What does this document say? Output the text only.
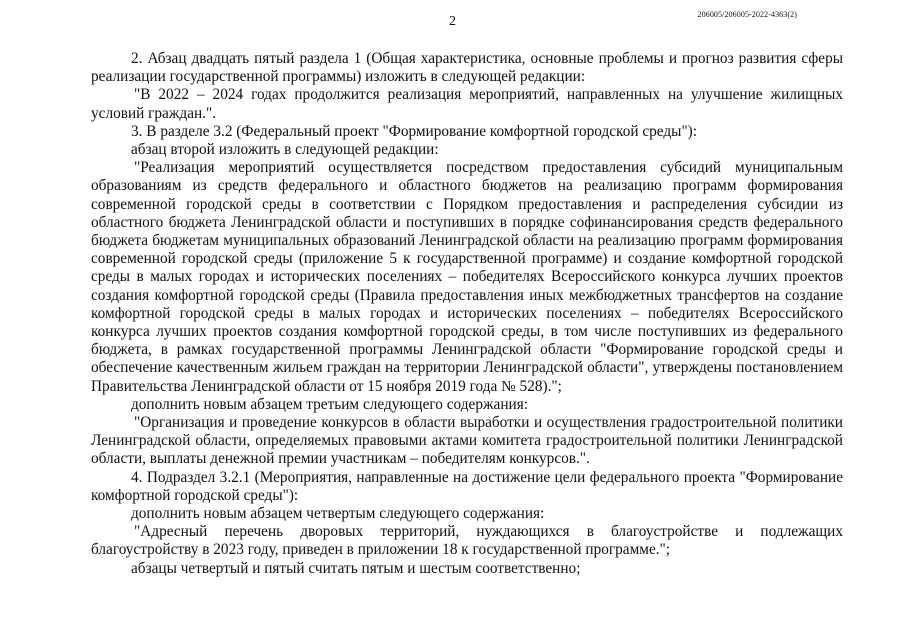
2	206005/206005-2022-4363(2)

2. Абзац двадцать пятый раздела 1 (Общая характеристика, основные проблемы и прогноз развития сферы реализации государственной программы) изложить в следующей редакции:

"В 2022 – 2024 годах продолжится реализация мероприятий, направленных на улучшение жилищных условий граждан.".

3. В разделе 3.2 (Федеральный проект "Формирование комфортной городской среды"):

абзац второй изложить в следующей редакции:

"Реализация мероприятий осуществляется посредством предоставления субсидий муниципальным образованиям из средств федерального и областного бюджетов на реализацию программ формирования современной городской среды в соответствии с Порядком предоставления и распределения субсидии из областного бюджета Ленинградской области и поступивших в порядке софинансирования средств федерального бюджета бюджетам муниципальных образований Ленинградской области на реализацию программ формирования современной городской среды (приложение 5 к государственной программе) и создание комфортной городской среды в малых городах и исторических поселениях – победителях Всероссийского конкурса лучших проектов создания комфортной городской среды (Правила предоставления иных межбюджетных трансфертов на создание комфортной городской среды в малых городах и исторических поселениях – победителях Всероссийского конкурса лучших проектов создания комфортной городской среды, в том числе поступивших из федерального бюджета, в рамках государственной программы Ленинградской области "Формирование городской среды и обеспечение качественным жильем граждан на территории Ленинградской области", утверждены постановлением Правительства Ленинградской области от 15 ноября 2019 года № 528).";

дополнить новым абзацем третьим следующего содержания:

"Организация и проведение конкурсов в области выработки и осуществления градостроительной политики Ленинградской области, определяемых правовыми актами комитета градостроительной политики Ленинградской области, выплаты денежной премии участникам – победителям конкурсов.".

4. Подраздел 3.2.1 (Мероприятия, направленные на достижение цели федерального проекта "Формирование комфортной городской среды"):

дополнить новым абзацем четвертым следующего содержания:

"Адресный перечень дворовых территорий, нуждающихся в благоустройстве и подлежащих благоустройству в 2023 году, приведен в приложении 18 к государственной программе.";

абзацы четвертый и пятый считать пятым и шестым соответственно;
